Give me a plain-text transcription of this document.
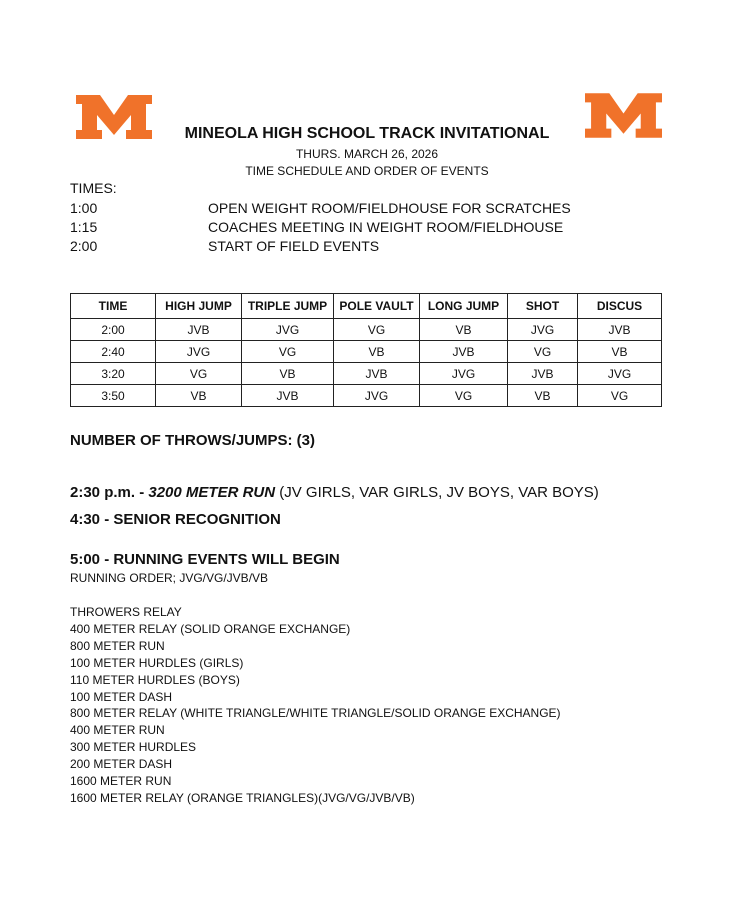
MINEOLA HIGH SCHOOL TRACK INVITATIONAL
THURS. MARCH 26, 2026
TIME SCHEDULE AND ORDER OF EVENTS
TIMES:
1:00	OPEN WEIGHT ROOM/FIELDHOUSE FOR SCRATCHES
1:15	COACHES MEETING IN WEIGHT ROOM/FIELDHOUSE
2:00	START OF FIELD EVENTS
TIME	HIGH JUMP	TRIPLE JUMP	POLE VAULT	LONG JUMP	SHOT	DISCUS
2:00	JVB	JVG	VG	VB	JVG	JVB
2:40	JVG	VG	VB	JVB	VG	VB
3:20	VG	VB	JVB	JVG	JVB	JVG
3:50	VB	JVB	JVG	VG	VB	VG
NUMBER OF THROWS/JUMPS: (3)
2:30 p.m. - 3200 METER RUN (JV GIRLS, VAR GIRLS, JV BOYS, VAR BOYS)
4:30 - SENIOR RECOGNITION
5:00 - RUNNING EVENTS WILL BEGIN
RUNNING ORDER; JVG/VG/JVB/VB
THROWERS RELAY
400 METER RELAY (SOLID ORANGE EXCHANGE)
800 METER RUN
100 METER HURDLES (GIRLS)
110 METER HURDLES (BOYS)
100 METER DASH
800 METER RELAY (WHITE TRIANGLE/WHITE TRIANGLE/SOLID ORANGE EXCHANGE)
400 METER RUN
300 METER HURDLES
200 METER DASH
1600 METER RUN
1600 METER RELAY (ORANGE TRIANGLES)(JVG/VG/JVB/VB)
